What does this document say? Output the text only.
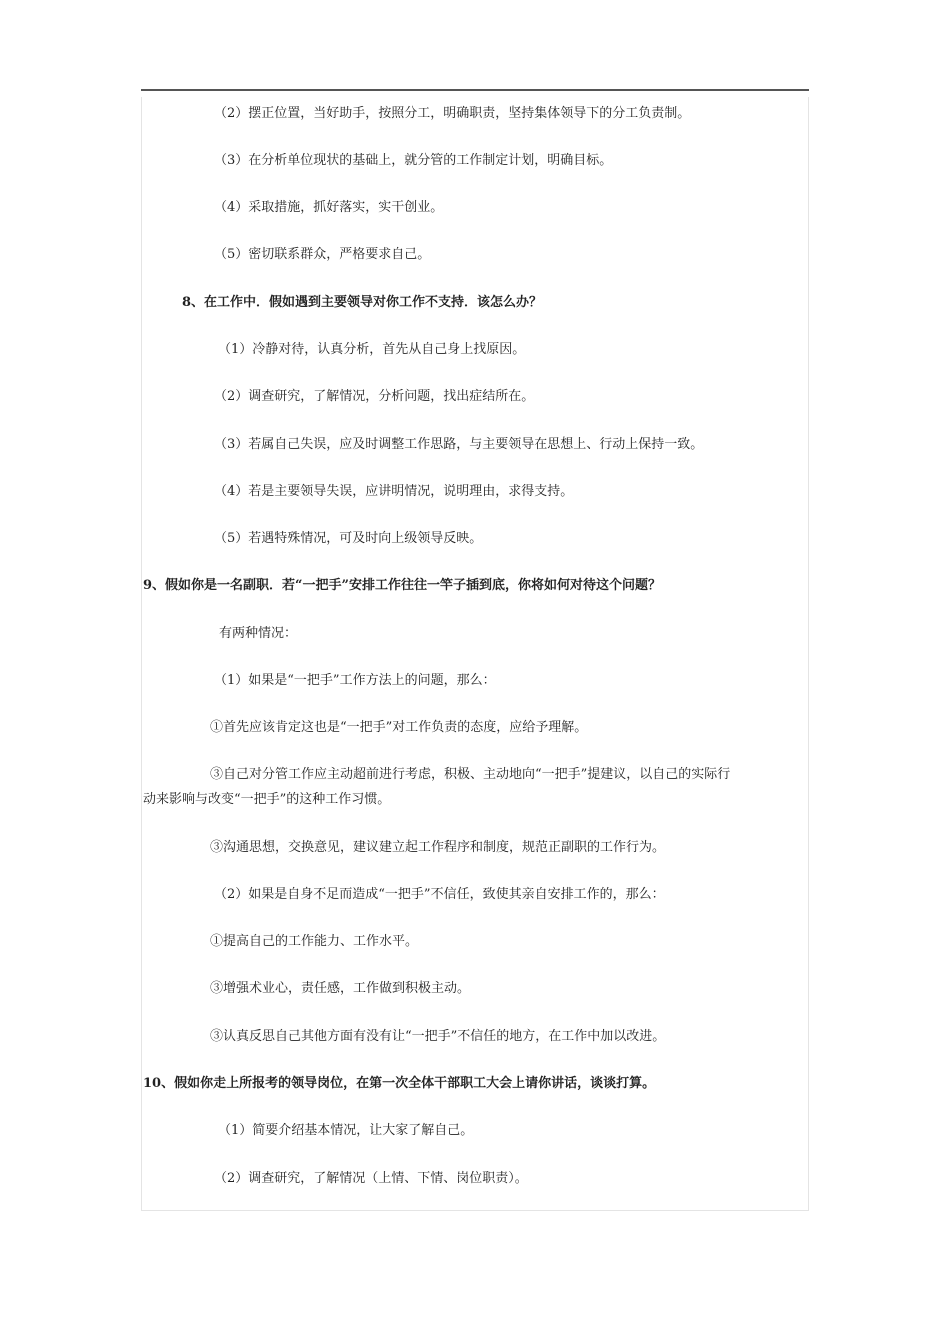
（2）摆正位置，当好助手，按照分工，明确职责，坚持集体领导下的分工负责制。
（3）在分析单位现状的基础上，就分管的工作制定计划，明确目标。
（4）采取措施，抓好落实，实干创业。
（5）密切联系群众，严格要求自己。
8、在工作中．假如遇到主要领导对你工作不支持．该怎么办？
（1）冷静对待，认真分析，首先从自己身上找原因。
（2）调查研究，了解情况，分析问题，找出症结所在。
（3）若属自己失误，应及时调整工作思路，与主要领导在思想上、行动上保持一致。
（4）若是主要领导失误，应讲明情况，说明理由，求得支持。
（5）若遇特殊情况，可及时向上级领导反映。
9、假如你是一名副职．若“一把手”安排工作往往一竿子插到底，你将如何对待这个问题？
有两种情况：
（1）如果是“一把手”工作方法上的问题，那么：
①首先应该肯定这也是“一把手”对工作负责的态度，应给予理解。
③自己对分管工作应主动超前进行考虑，积极、主动地向“一把手”提建议，以自己的实际行
动来影响与改变“一把手”的这种工作习惯。
③沟通思想，交换意见，建议建立起工作程序和制度，规范正副职的工作行为。
（2）如果是自身不足而造成“一把手”不信任，致使其亲自安排工作的，那么：
①提高自己的工作能力、工作水平。
③增强术业心，责任感，工作做到积极主动。
③认真反思自己其他方面有没有让“一把手”不信任的地方，在工作中加以改进。
10、假如你走上所报考的领导岗位，在第一次全体干部职工大会上请你讲话，谈谈打算。
（1）简要介绍基本情况，让大家了解自己。
（2）调查研究，了解情况（上情、下情、岗位职责）。
